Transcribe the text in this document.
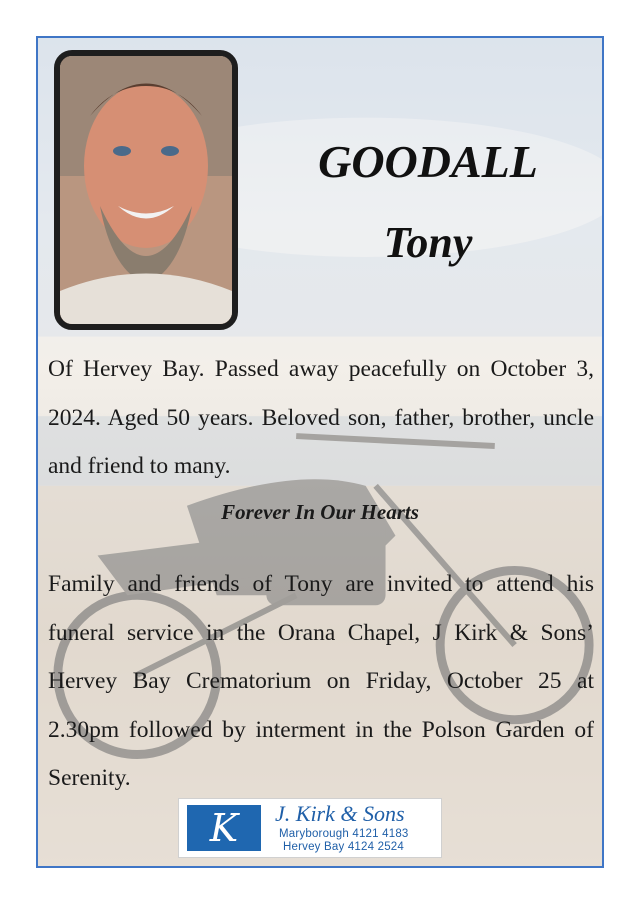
GOODALL
Tony

Of Hervey Bay. Passed away peacefully on October 3, 2024. Aged 50 years. Beloved son, father, brother, uncle and friend to many.

Forever In Our Hearts

Family and friends of Tony are invited to attend his funeral service in the Orana Chapel, J Kirk & Sons’ Hervey Bay Crematorium on Friday, October 25 at 2.30pm followed by interment in the Polson Garden of Serenity.

K	J. Kirk & Sons

Maryborough 4121 4183

Hervey Bay 4124 2524
